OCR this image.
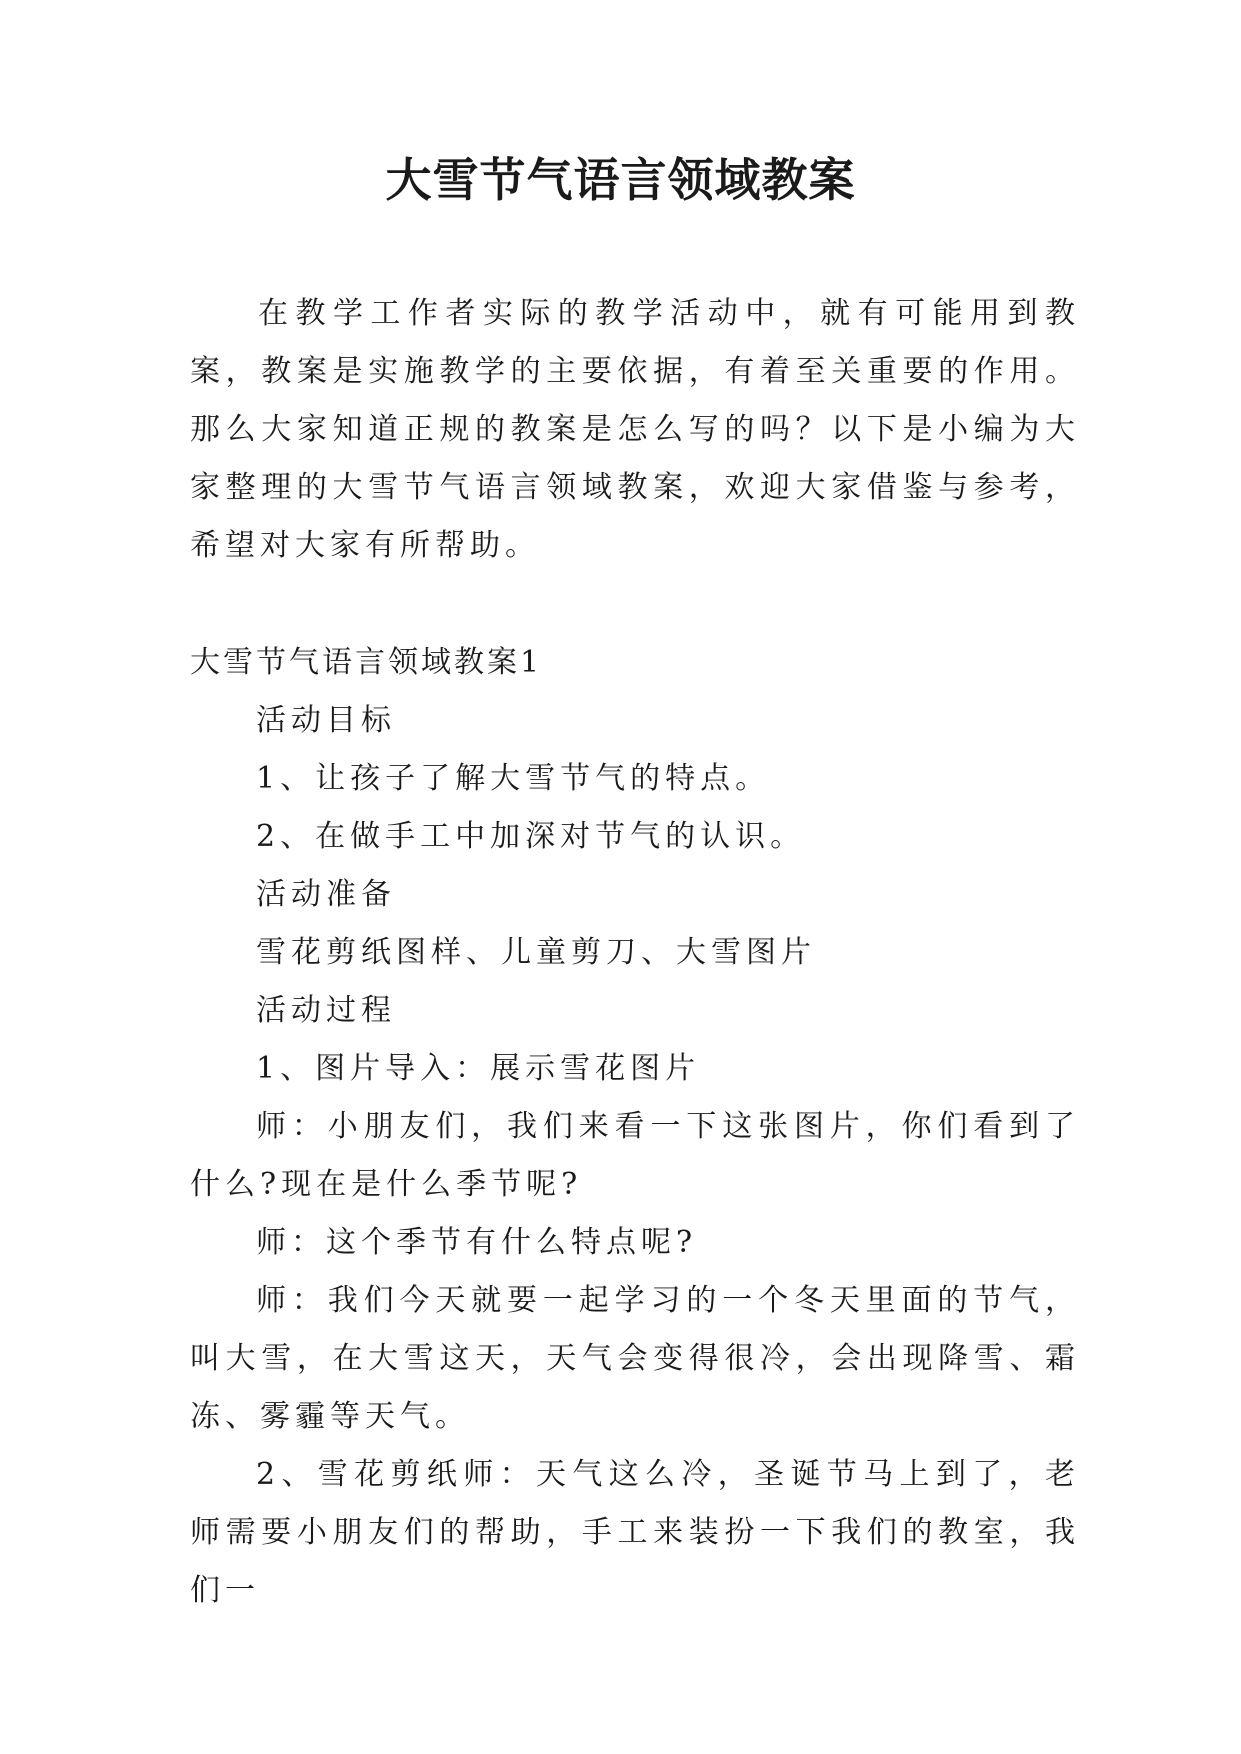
大雪节气语言领域教案

在教学工作者实际的教学活动中，就有可能用到教案，教案是实施教学的主要依据，有着至关重要的作用。那么大家知道正规的教案是怎么写的吗？以下是小编为大家整理的大雪节气语言领域教案，欢迎大家借鉴与参考，希望对大家有所帮助。

大雪节气语言领域教案1

活动目标

1、让孩子了解大雪节气的特点。

2、在做手工中加深对节气的认识。

活动准备

雪花剪纸图样、儿童剪刀、大雪图片

活动过程

1、图片导入：展示雪花图片

师：小朋友们，我们来看一下这张图片，你们看到了什么?现在是什么季节呢?

师：这个季节有什么特点呢?

师：我们今天就要一起学习的一个冬天里面的节气，叫大雪，在大雪这天，天气会变得很冷，会出现降雪、霜冻、雾霾等天气。

2、雪花剪纸师：天气这么冷，圣诞节马上到了，老师需要小朋友们的帮助，手工来装扮一下我们的教室，我们一
